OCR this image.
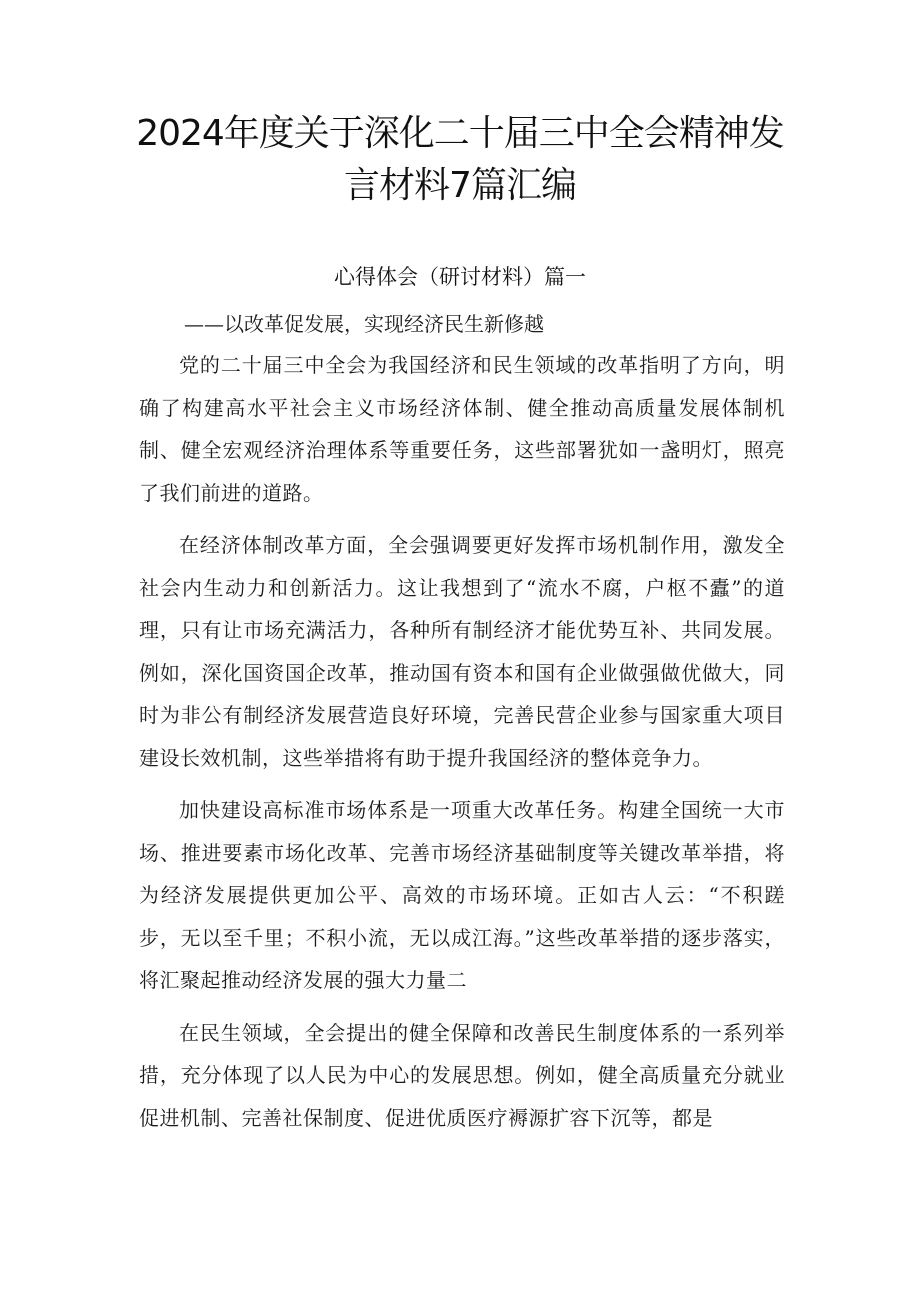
2024年度关于深化二十届三中全会精神发言材料7篇汇编
心得体会（研讨材料）篇一
——以改革促发展，实现经济民生新修越

党的二十届三中全会为我国经济和民生领域的改革指明了方向，明确了构建高水平社会主义市场经济体制、健全推动高质量发展体制机制、健全宏观经济治理体系等重要任务，这些部署犹如一盏明灯，照亮了我们前进的道路。

在经济体制改革方面，全会强调要更好发挥市场机制作用，激发全社会内生动力和创新活力。这让我想到了“流水不腐，户枢不蠹”的道理，只有让市场充满活力，各种所有制经济才能优势互补、共同发展。例如，深化国资国企改革，推动国有资本和国有企业做强做优做大，同时为非公有制经济发展营造良好环境，完善民营企业参与国家重大项目建设长效机制，这些举措将有助于提升我国经济的整体竞争力。

加快建设高标准市场体系是一项重大改革任务。构建全国统一大市场、推进要素市场化改革、完善市场经济基础制度等关键改革举措，将为经济发展提供更加公平、高效的市场环境。正如古人云：“不积蹉步，无以至千里；不积小流，无以成江海。”这些改革举措的逐步落实，将汇聚起推动经济发展的强大力量二

在民生领域，全会提出的健全保障和改善民生制度体系的一系列举措，充分体现了以人民为中心的发展思想。例如，健全高质量充分就业促进机制、完善社保制度、促进优质医疗褥源扩容下沉等，都是
